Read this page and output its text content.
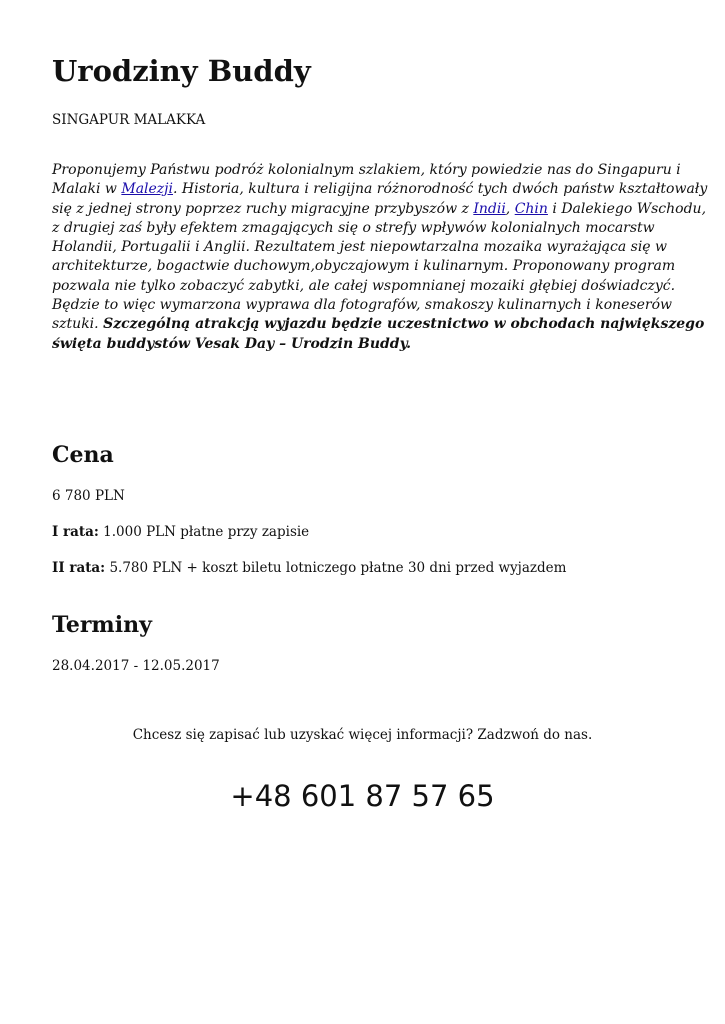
Urodziny Buddy
SINGAPUR MALAKKA
Proponujemy Państwu podróż kolonialnym szlakiem, który powiedzie nas do Singapuru i
Malaki w Malezji. Historia, kultura i religijna różnorodność tych dwóch państw kształtowały
się z jednej strony poprzez ruchy migracyjne przybyszów z Indii, Chin i Dalekiego Wschodu,
z drugiej zaś były efektem zmagających się o strefy wpływów kolonialnych mocarstw
Holandii, Portugalii i Anglii. Rezultatem jest niepowtarzalna mozaika wyrażająca się w
architekturze, bogactwie duchowym,obyczajowym i kulinarnym. Proponowany program
pozwala nie tylko zobaczyć zabytki, ale całej wspomnianej mozaiki głębiej doświadczyć.
Będzie to więc wymarzona wyprawa dla fotografów, smakoszy kulinarnych i koneserów
sztuki. Szczególną atrakcją wyjazdu będzie uczestnictwo w obchodach największego
święta buddystów Vesak Day – Urodzin Buddy.
Cena
6 780 PLN
I rata: 1.000 PLN płatne przy zapisie
II rata: 5.780 PLN + koszt biletu lotniczego płatne 30 dni przed wyjazdem
Terminy
28.04.2017 - 12.05.2017
Chcesz się zapisać lub uzyskać więcej informacji? Zadzwoń do nas.
+48 601 87 57 65
